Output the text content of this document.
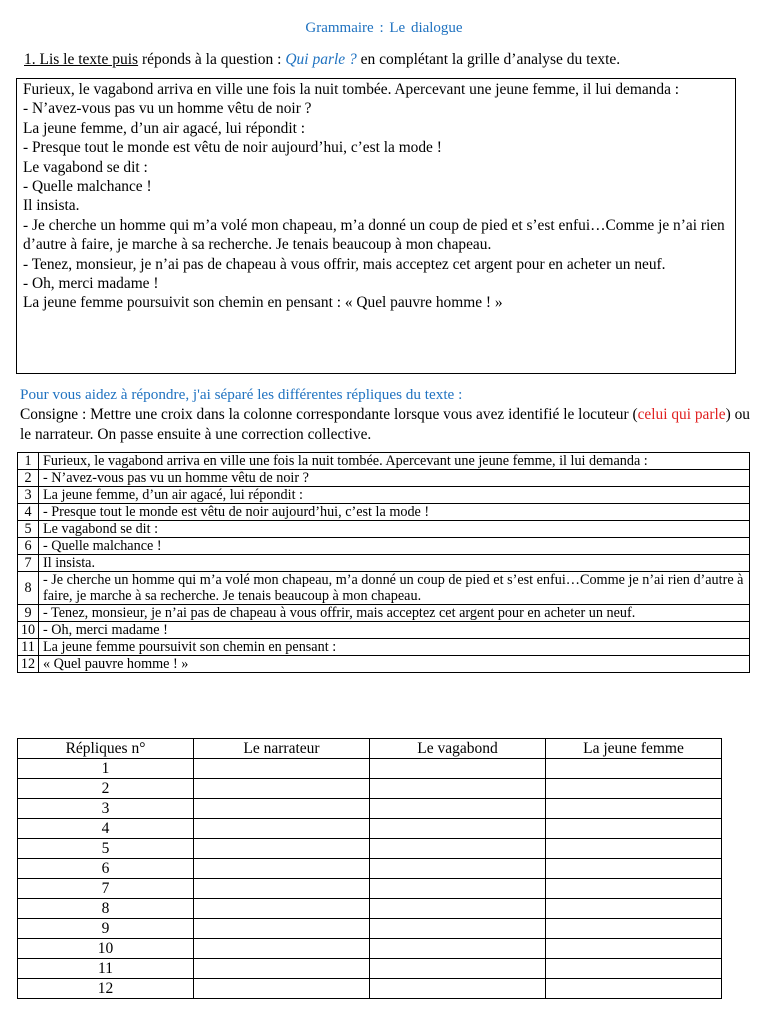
Grammaire : Le dialogue
1. Lis le texte puis réponds à la question : Qui parle ? en complétant la grille d’analyse du texte.

Furieux, le vagabond arriva en ville une fois la nuit tombée. Apercevant une jeune femme, il lui demanda :

- N’avez-vous pas vu un homme vêtu de noir ?

La jeune femme, d’un air agacé, lui répondit :

- Presque tout le monde est vêtu de noir aujourd’hui, c’est la mode !

Le vagabond se dit :

- Quelle malchance !

Il insista.

- Je cherche un homme qui m’a volé mon chapeau, m’a donné un coup de pied et s’est enfui…Comme je n’ai rien d’autre à faire, je marche à sa recherche. Je tenais beaucoup à mon chapeau.

- Tenez, monsieur, je n’ai pas de chapeau à vous offrir, mais acceptez cet argent pour en acheter un neuf.

- Oh, merci madame !

La jeune femme poursuivit son chemin en pensant : « Quel pauvre homme ! »

Pour vous aidez à répondre, j'ai séparé les différentes répliques du texte :
Consigne : Mettre une croix dans la colonne correspondante lorsque vous avez identifié le locuteur (celui qui parle) ou le narrateur. On passe ensuite à une correction collective.
1	Furieux, le vagabond arriva en ville une fois la nuit tombée. Apercevant une jeune femme, il lui demanda :
2	- N’avez-vous pas vu un homme vêtu de noir ?
3	La jeune femme, d’un air agacé, lui répondit :
4	- Presque tout le monde est vêtu de noir aujourd’hui, c’est la mode !
5	Le vagabond se dit :
6	- Quelle malchance !
7	Il insista.
8	- Je cherche un homme qui m’a volé mon chapeau, m’a donné un coup de pied et s’est enfui…Comme je n’ai rien d’autre à faire, je marche à sa recherche. Je tenais beaucoup à mon chapeau.
9	- Tenez, monsieur, je n’ai pas de chapeau à vous offrir, mais acceptez cet argent pour en acheter un neuf.
10	- Oh, merci madame !
11	La jeune femme poursuivit son chemin en pensant :
12	« Quel pauvre homme ! »
Répliques n°	Le narrateur	Le vagabond	La jeune femme
1			
2			
3			
4			
5			
6			
7			
8			
9			
10			
11			
12			
